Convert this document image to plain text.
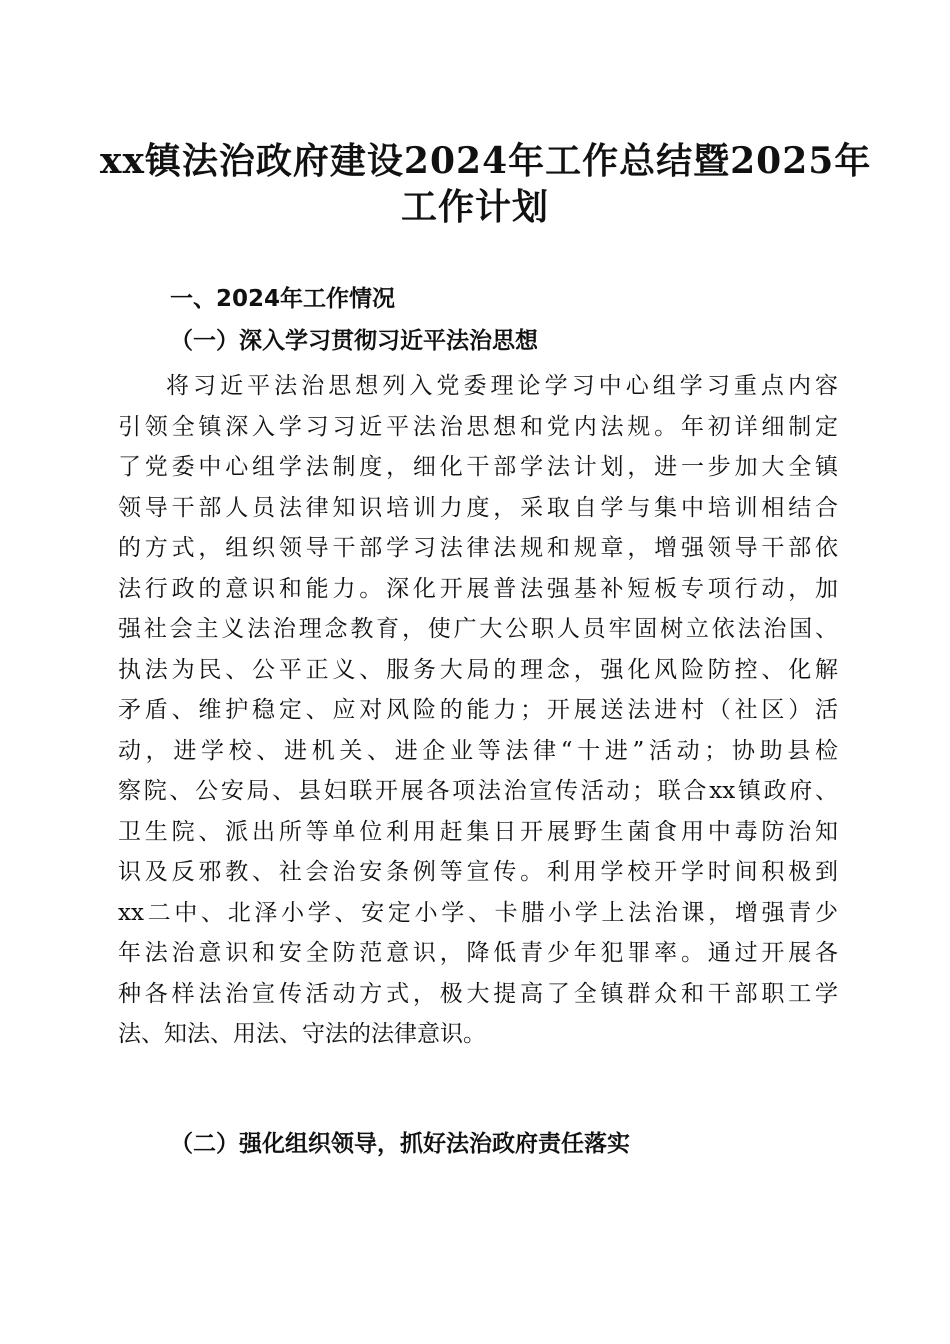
xx镇法治政府建设2024年工作总结暨2025年
工作计划
一、2024年工作情况
（一）深入学习贯彻习近平法治思想
将习近平法治思想列入党委理论学习中心组学习重点内容
引领全镇深入学习习近平法治思想和党内法规。年初详细制定
了党委中心组学法制度，细化干部学法计划，进一步加大全镇
领导干部人员法律知识培训力度，采取自学与集中培训相结合
的方式，组织领导干部学习法律法规和规章，增强领导干部依
法行政的意识和能力。深化开展普法强基补短板专项行动，加
强社会主义法治理念教育，使广大公职人员牢固树立依法治国、
执法为民、公平正义、服务大局的理念，强化风险防控、化解
矛盾、维护稳定、应对风险的能力；开展送法进村（社区）活
动，进学校、进机关、进企业等法律“十进”活动；协助县检
察院、公安局、县妇联开展各项法治宣传活动；联合xx镇政府、
卫生院、派出所等单位利用赶集日开展野生菌食用中毒防治知
识及反邪教、社会治安条例等宣传。利用学校开学时间积极到
xx二中、北泽小学、安定小学、卡腊小学上法治课，增强青少
年法治意识和安全防范意识，降低青少年犯罪率。通过开展各
种各样法治宣传活动方式，极大提高了全镇群众和干部职工学
法、知法、用法、守法的法律意识。
（二）强化组织领导，抓好法治政府责任落实
